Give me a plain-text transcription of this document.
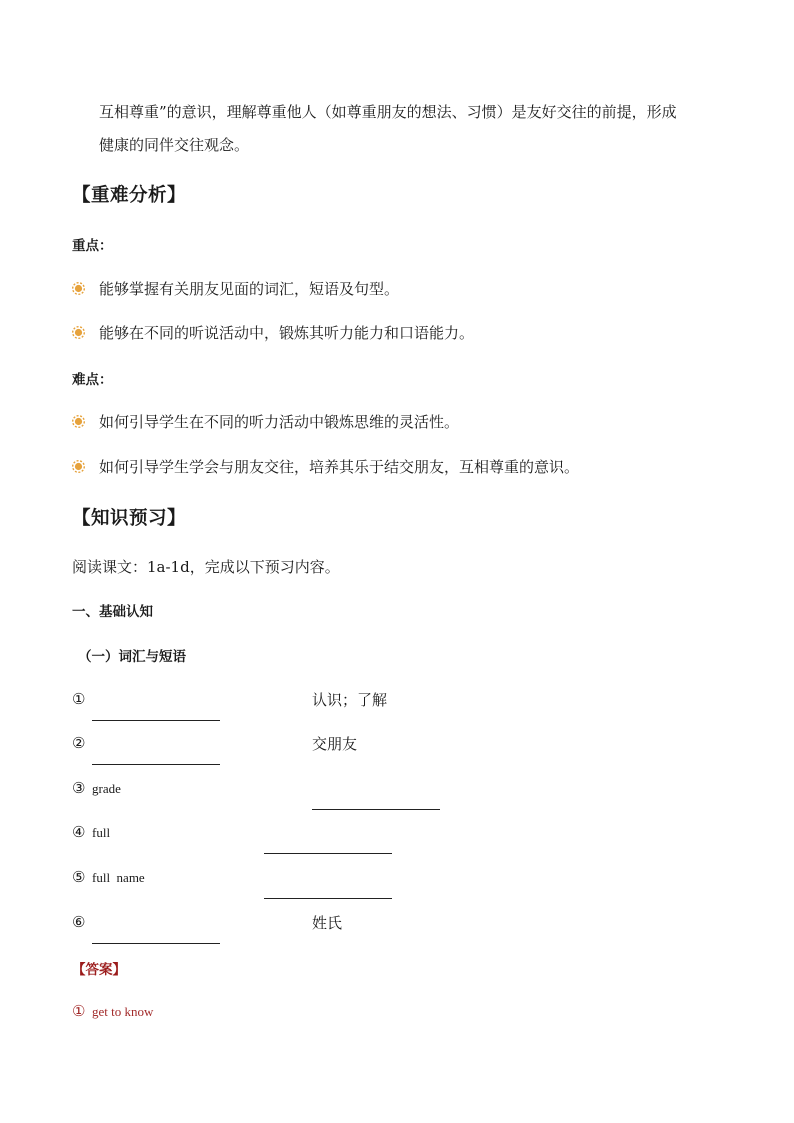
互相尊重”的意识，理解尊重他人（如尊重朋友的想法、习惯）是友好交往的前提，形成
健康的同伴交往观念。
【重难分析】
重点：
能够掌握有关朋友见面的词汇，短语及句型。
能够在不同的听说活动中，锻炼其听力能力和口语能力。
难点：
如何引导学生在不同的听力活动中锻炼思维的灵活性。
如何引导学生学会与朋友交往，培养其乐于结交朋友，互相尊重的意识。
【知识预习】
阅读课文：1a-1d，完成以下预习内容。
一、基础认知
（一）词汇与短语
①	认识；了解
②	交朋友
③ grade
④ full
⑤ full  name
⑥	姓氏
【答案】
① get to know
